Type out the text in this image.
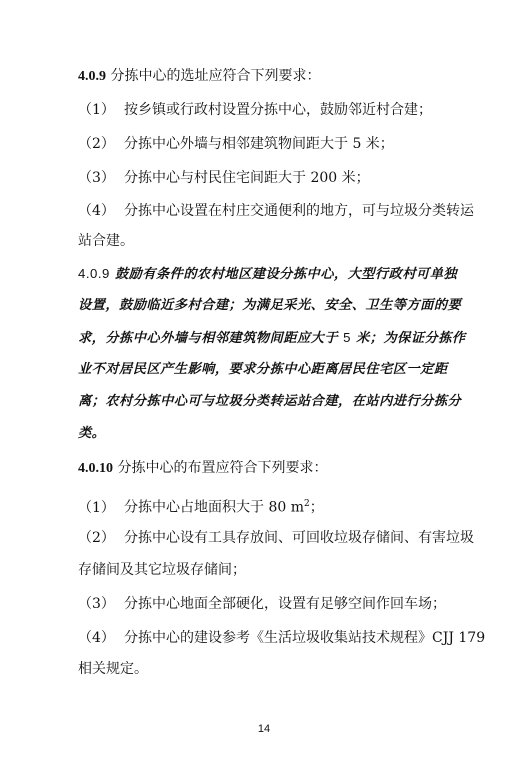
4.0.9 分拣中心的选址应符合下列要求：
（1） 按乡镇或行政村设置分拣中心，鼓励邻近村合建；
（2） 分拣中心外墙与相邻建筑物间距大于 5 米；
（3） 分拣中心与村民住宅间距大于 200 米；
（4） 分拣中心设置在村庄交通便利的地方，可与垃圾分类转运
站合建。
4.0.9 鼓励有条件的农村地区建设分拣中心，大型行政村可单独
设置，鼓励临近多村合建；为满足采光、安全、卫生等方面的要
求，分拣中心外墙与相邻建筑物间距应大于 5 米；为保证分拣作
业不对居民区产生影响，要求分拣中心距离居民住宅区一定距
离；农村分拣中心可与垃圾分类转运站合建，在站内进行分拣分
类。
4.0.10 分拣中心的布置应符合下列要求：
（1） 分拣中心占地面积大于 80 $m^2$；
（2） 分拣中心设有工具存放间、可回收垃圾存储间、有害垃圾
存储间及其它垃圾存储间；
（3） 分拣中心地面全部硬化，设置有足够空间作回车场；
（4） 分拣中心的建设参考《生活垃圾收集站技术规程》CJJ 179
相关规定。
14
